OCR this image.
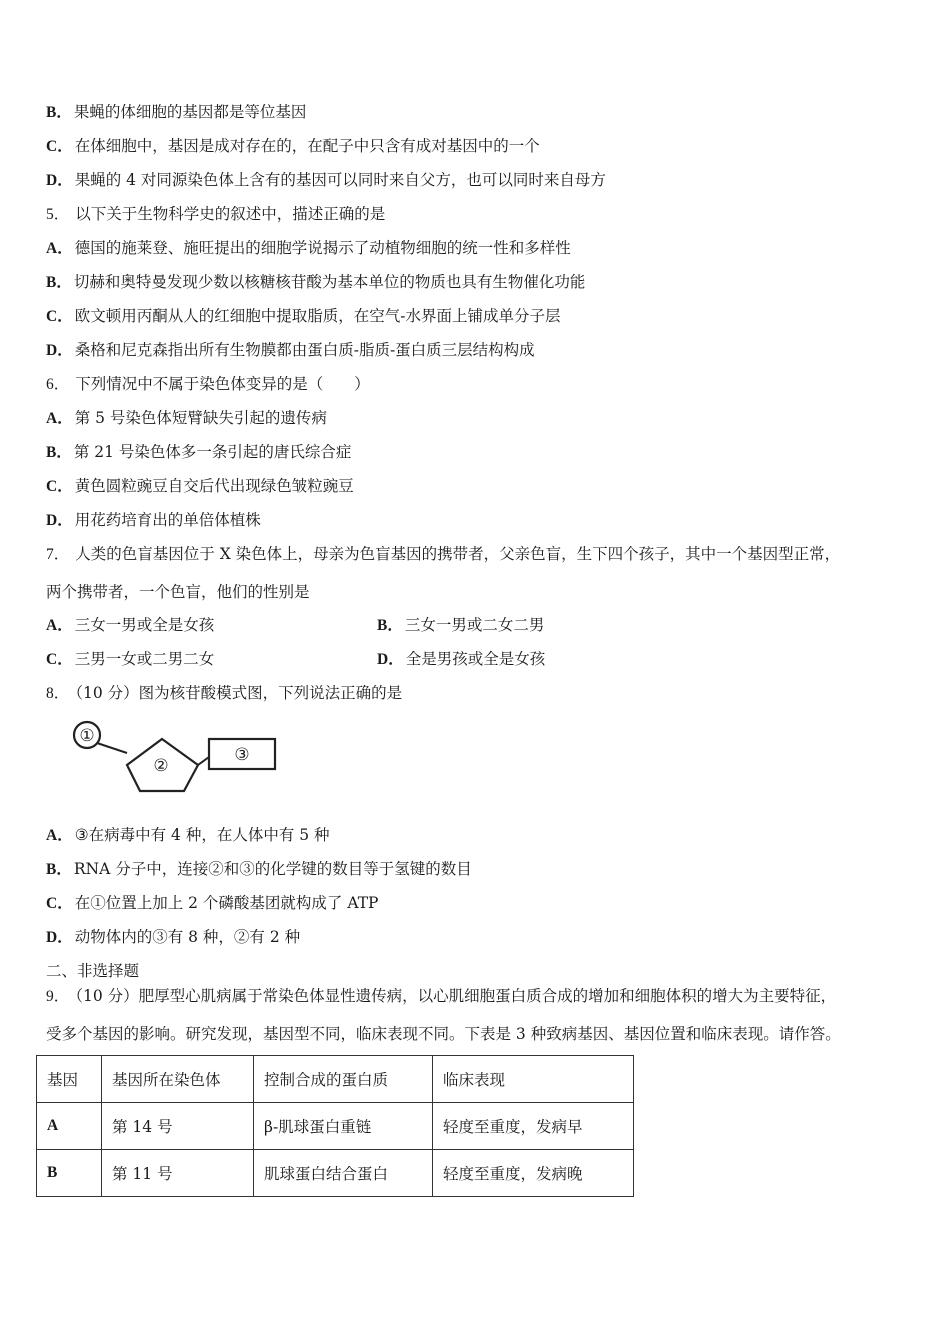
B． 果蝇的体细胞的基因都是等位基因
C． 在体细胞中，基因是成对存在的，在配子中只含有成对基因中的一个
D． 果蝇的 4 对同源染色体上含有的基因可以同时来自父方，也可以同时来自母方
5． 以下关于生物科学史的叙述中，描述正确的是
A． 德国的施莱登、施旺提出的细胞学说揭示了动植物细胞的统一性和多样性
B． 切赫和奥特曼发现少数以核糖核苷酸为基本单位的物质也具有生物催化功能
C． 欧文顿用丙酮从人的红细胞中提取脂质，在空气-水界面上铺成单分子层
D． 桑格和尼克森指出所有生物膜都由蛋白质-脂质-蛋白质三层结构构成
6． 下列情况中不属于染色体变异的是（　　）
A． 第 5 号染色体短臂缺失引起的遗传病
B． 第 21 号染色体多一条引起的唐氏综合症
C． 黄色圆粒豌豆自交后代出现绿色皱粒豌豆
D． 用花药培育出的单倍体植株
7． 人类的色盲基因位于 X 染色体上，母亲为色盲基因的携带者，父亲色盲，生下四个孩子，其中一个基因型正常，
两个携带者，一个色盲，他们的性别是
A． 三女一男或全是女孩	B． 三女一男或二女二男
C． 三男一女或二男二女	D． 全是男孩或全是女孩
8． （10 分）图为核苷酸模式图，下列说法正确的是
①
②
③
A． ③在病毒中有 4 种，在人体中有 5 种
B． RNA 分子中，连接②和③的化学键的数目等于氢键的数目
C． 在①位置上加上 2 个磷酸基团就构成了 ATP
D． 动物体内的③有 8 种，②有 2 种
二、非选择题
9． （10 分）肥厚型心肌病属于常染色体显性遗传病，以心肌细胞蛋白质合成的增加和细胞体积的增大为主要特征，
受多个基因的影响。研究发现，基因型不同，临床表现不同。下表是 3 种致病基因、基因位置和临床表现。请作答。
基因	基因所在染色体	控制合成的蛋白质	临床表现
A	第 14 号	β-肌球蛋白重链	轻度至重度，发病早
B	第 11 号	肌球蛋白结合蛋白	轻度至重度，发病晚
